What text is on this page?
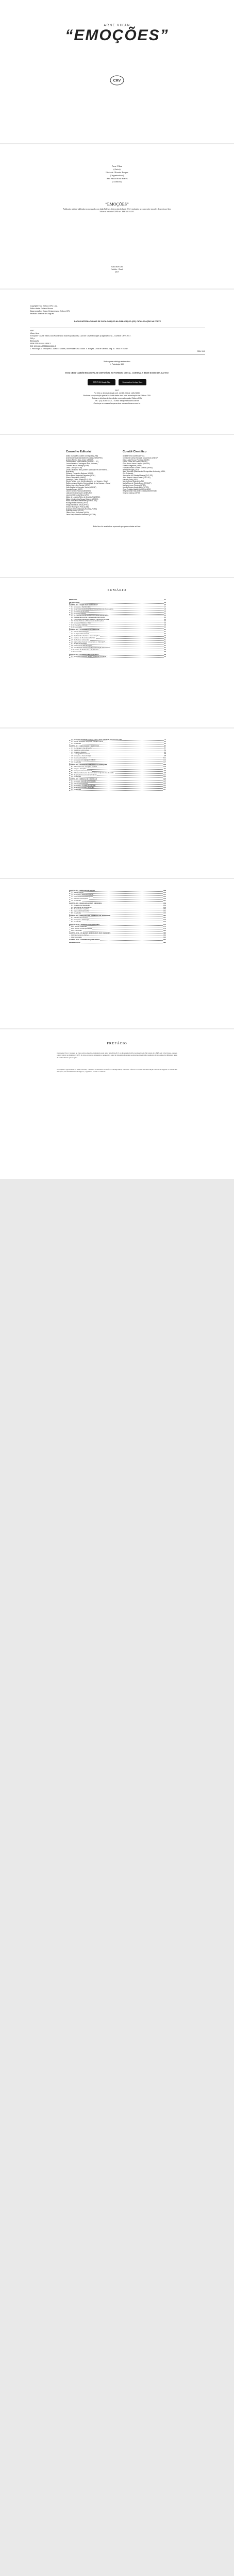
ARNE VIKAN
“EMOÇÕES”
CRV
Arne Vikan
(Autor)
Lívia de Oliveira Borges
(Organizadora)
Ana Paula Silva Soares
(Coautora)
“EMOÇÕES”
Publicação original publicada em norueguês com título Følelser, Universitetsforlaget, 2014 e traduzido no curso sobre emoções do professor Arne Vikan no Instituto CRPE no CEPH 2013-2015.
EDITORA CRV
Curitiba – Brasil
2017
Copyright © da Editora CRV Ltda.
Editor-chefe: Railson Moura
Diagramação e Capa: Designers da Editora CRV
Revisão: Analista de Línguas
DADOS INTERNACIONAIS DE CATALOGAÇÃO NA PUBLICAÇÃO (CIP) CATALOGAÇÃO NA FONTE
V667
Vikan, Arne
“Emoções” / Arne Vikan; Ana Paula Silva Soares (coautora), Lívia de Oliveira Borges (Organizadora) – Curitiba: CRV, 2017.
240 p.
Bibliografia
ISBN 978-85-444-1806-3
DOI 10.24824/978854441806.3
1. Psicologia 2. Emoções 3. Afeto I. Soares, Ana Paula Silva. coaut. II. Borges, Lívia de Oliveira. org. III. Título IV. Série
CDU 15.0
Índice para catálogo sistemático
1. Psicologia 15.0
ESTA OBRA TAMBÉM ENCONTRA-SE DISPONÍVEL EM FORMATO DIGITAL. CONHEÇA E BAIXE NOSSO APLICATIVO!
GET IT ON Google Play	Download on the App Store
2017
Foi feito o depósito legal conf. Lei 10.994 de 14/12/2004
Proibida a reprodução parcial ou total desta obra sem autorização da Editora CRV
Todos os direitos desta edição reservados pela: Editora CRV
Tel.: (41) 3039-6418 – E-mail: sac@editoracrv.com.br
Conheça os nossos lançamentos: www.editoracrv.com.br
Conselho Editorial
Aldira Guimarães Duarte Domínguez (UNB)
Andréia da Silva Quintanilha Sousa (UNIR/UFRN)
Antônio Pereira Gaio Júnior (UFRRJ)
Carlos Alberto Vilar Estêvão (UMINHO – PT)
Carlos Federico Dominguez Avila (Unieuro)
Carmen Tereza Velanga (UNIR)
Celso Conti (UFSCar)
Cesar Gerónimo Tello (Univer .Nacional Três de Febrero – Argentina)
Eduardo Fernandes Barbosa (UFMG)
Elione Maria Nogueira Diogenes (UFAL)
Elizeu Clementino (UNEB)
Francisco Carlos Duarte (PUC-PR)
Gloria Fariñas León (Universidade de La Havana – Cuba)
Guillermo Arias Beatón (Universidade de La Havana – Cuba)
Jailson Alves dos Santos (UFRJ)
João Adalberto Campato Junior (UNESP)
Josania Portela (UFPI)
Leonel Severo Rocha (UNISINOS)
Lídia de Oliveira Xavier (UNIEURO)
Lourdes Helena da Silva (UFV)
Maria de Lourdes Pinto de Almeida (UNOESC)
Maria Lília Imbiriba Sousa Colares (UFOPA)
Paulo Romualdo Hernandes (UNIFAL-MG)
Rodrigo Pratte-Santos (UFES)
Sérgio Nunes de Jesus (IFRO)
Simone Rodrigues Pinto (UNB)
Solange Helena Ximenes-Rocha (UFOPA)
Sydione Santos (UEPG)
Tadeu Oliver Gonçalves (UFPA)
Tania Suely Azevedo Brasileiro (UFOPA)
Comitê Científico
Andrea Vieira Zanella (UFSC)
Christiane Carrijo Eckhardt Mouammar (UNESP)
Edna Lúcia Tinoco Ponciano (UERJ)
Edson Olivari de Castro (UNESP)
Érico Bruno Viana Campos (UNESP)
Fauston Negreiros (UFPI)
Francisco Nilton Gomes Oliveira (UFSM)
Helmuth Krüger (UCP)
Ilana Mountian (Manchester Metropolitan University, MMU, Grã-Bretanha)
Jacqueline de Oliveira Moreira (PUC-SP)
João Ricardo Lebert Cozac (PUC-SP)
Marcelo Porto (UEG)
Marcia Alves Tassinari (USU)
Maria Alves de Toledo Bruns (FFCLRP)
Mariana Lopez Teixeira (UFSC)
Monilly Ramos Araujo Melo (UFCG)
Olga Ceciliato Mattioli (ASSIS/UNESP)
Regina Célia Faria Amaro Giora (MACKENZIE)
Virgínia Kastrup (UFRJ)
Este livro foi avaliado e aprovado por pareceristas ad hoc.
SUMÁRIO
PREFÁCIO	11
INTRODUÇÃO	13
CAPÍTULO 1 - O QUE SÃO EMOÇÕES?	17
1.1 Emoções e Sentimentos	17
1.2 Uma Visão Evolucionária do Comportamento Cooperativo	18
1.3 Definição de Emoções	19
1.4 Emoções Básicas	21
1.5 As Funções das Emoções: conceitos selecionados	24
1.6 Causas da Emoção e a Avaliação da Emoção	26
1.7 Processos Fisiológicos Afetivos e Estrutura do Afeto	30
1.8 Teorias Afetivas e Dimensões das Emoções	33
1.9 Emoções Básicas e Afeto	36
1.10 Reduções Afetivas	38
1.11 Conclusão	40
CAPÍTULO 2 - AS EXPRESSÕES FACIAIS	41
2.1 Ekman: Psicobiologia	41
2.2 As Expressões Faciais	43
2.3 Os Músculos Faciais e Suas Funções	45
2.4 Análises de Resultados Faciais	48
2.5 Do Autismo à Empatia	51
2.6 Expressões Faciais: Universais ou Culturais?	54
2.7 Regras de Exibição	57
2.8 A Fisionomia das Emoções	60
2.9 Identificação Facial Global e Delimitação Fisionômica	62
2.10 Sorriso de Duchenne e de Pan-Am	65
2.11 Conclusão	68
CAPÍTULO 3 - AS EMOÇÕES PRÓPRIAS	69
3.1 Emoções Positivas: alegria, interesse e orgulho	69
3.2 Emoções Negativas: tristeza, raiva, medo, desgosto, vergonha e culpa	72
3.3 Outras Emoções: surpresa, inveja e ciúme	80
3.4 Conclusão	86
CAPÍTULO 4 - LINGUAGEM E EMOÇÕES	87
4.1 A Linguagem das Emoções	87
4.2 Metáforas e Emoções	89
4.3 Conceitos Básicos	92
4.4 Lexicografia Emocional	95
4.5 Emoções e Comunicação	98
4.6 Cultura e Emoções	101
4.7 Emoções na Linguagem Infantil	104
4.8 Conclusão	107
CAPÍTULO 5 - DESENVOLVIMENTO DAS EMOÇÕES	109
5.1 O Primeiro Ano: emoções básicas	109
5.2 Apego e Emoções	112
5.3 Emoções Autoconscientes	115
5.4 O Desenvolvimento das Emoções no Quarto Ano de Idade	118
5.5 Regulação Emocional na Infância	121
5.6 Conclusão	124
CAPÍTULO 6 - EMOÇÃO E COGNIÇÃO	125
6.1 Emoções, Atenção e Percepção	125
6.2 Memória e Emoções	128
6.3 Emoções e Tomada de Decisão	131
6.4 Julgamento Moral e Emoções	134
6.5 Conclusão	137
CAPÍTULO 7 - EMOÇÕES E SAÚDE	139
7.1 Saúde Mental	139
7.2 Emoções e Doenças Físicas	142
7.3 Processos Psicofisiológicos	145
7.4 Estresse e Emoções	148
7.5 Conclusão	151
CAPÍTULO 8 - REGULAÇÃO DAS EMOÇÕES	153
8.1 Conceito de Regulação	153
8.2 Estratégias de Regulação	156
8.3 Reavaliação Cognitiva	159
8.4 Supressão Expressiva	162
8.5 Conclusão	165
CAPÍTULO 9 - EMOÇÕES NO AMBIENTE DE TRABALHO	167
9.1 Trabalho Emocional	167
9.2 Emoções e Liderança	170
9.3 Conclusão	173
CAPÍTULO 10 - TEORIAS DAS EMOÇÕES	175
10.1 Teorias Clássicas	175
10.2 Teorias Contemporâneas	179
10.3 Conclusão	183
CAPÍTULO 11 - AS BASES BIOLÓGICAS DAS EMOÇÕES	185
11.1 Neurociência Afetiva	185
11.2 Conclusão	190
CAPÍTULO 12 - CONSIDERAÇÕES FINAIS	191
REFERÊNCIAS	195
PREFÁCIO
O presente livro é baseado no curso sobre emoções, ministrado pelo autor em 2014-2015, no Programa de Pós-Graduação em Psicologia da UFRN, em João Pessoa, quando o autor esteve no Instituto CRPE. O curso procurou apresentar a perspectiva atual de investigação sobre as emoções, integrando resultados de pesquisas de diferentes áreas do conhecimento psicológico.
Os capítulos apresentam os temas tratados, com base na literatura científica contemporânea, buscando oferecer ao leitor uma introdução clara e abrangente ao estudo das emoções, seus fundamentos biológicos, cognitivos, sociais e culturais.
